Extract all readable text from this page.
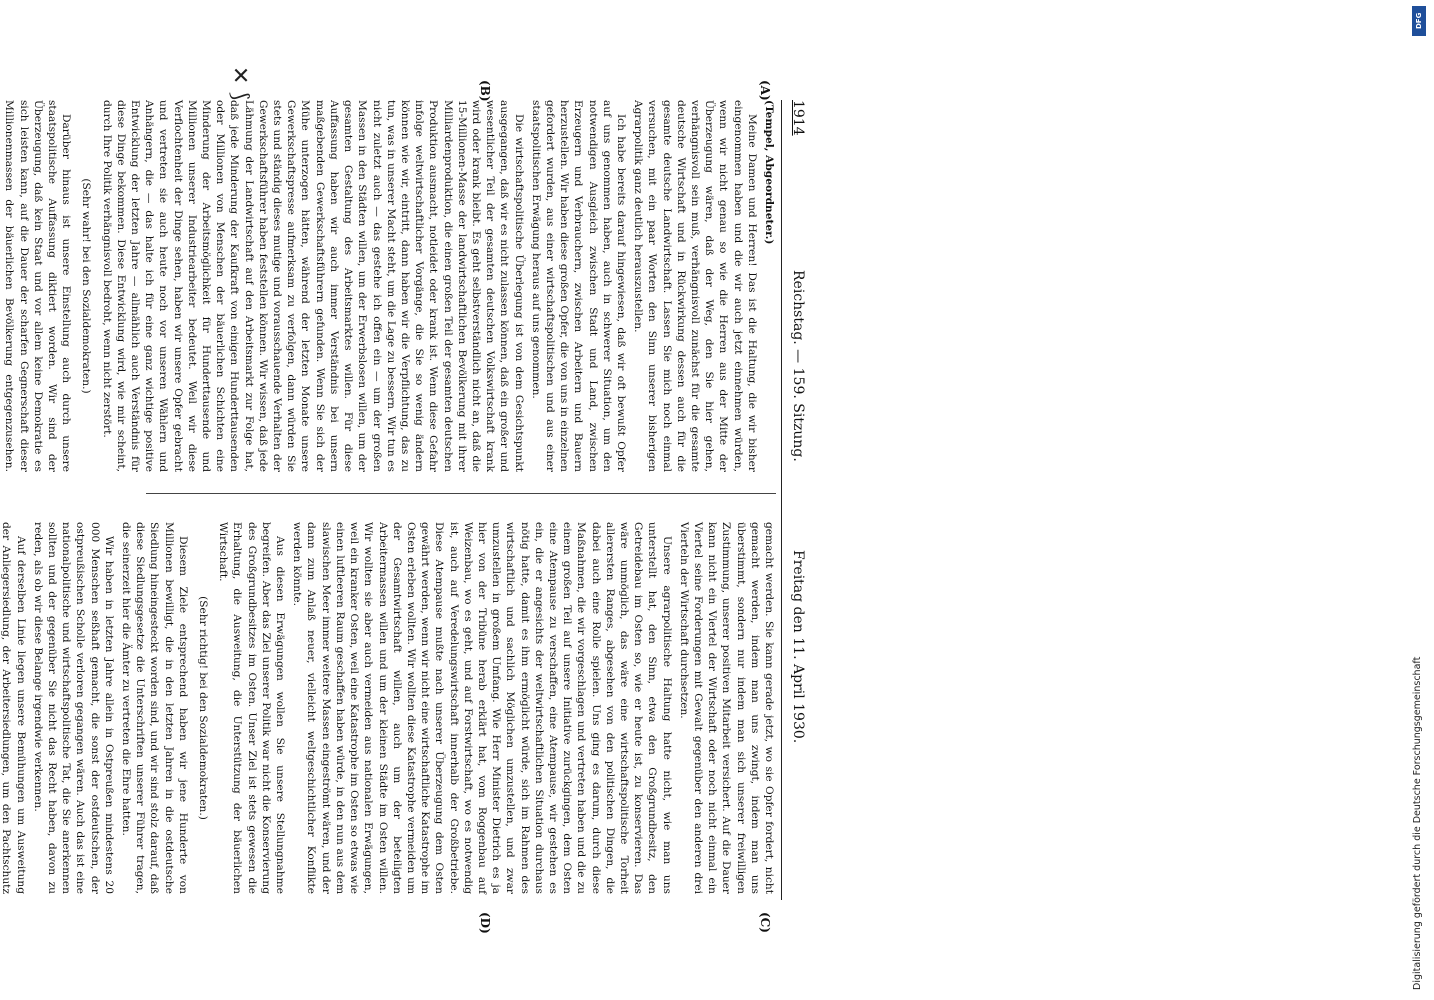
1914
Reichstag. — 159. Sitzung.
Freitag den 11. April 1930.
(A)
(B)
(C)
(D)
✕ ⟆

(Tempel, Abgeordneter.)

Meine Damen und Herren! Das ist die Haltung, die wir bisher eingenommen haben und die wir auch jetzt einnehmen würden, wenn wir nicht genau so wie die Herren aus der Mitte der Überzeugung wären, daß der Weg, den Sie hier gehen, verhängnisvoll sein muß, verhängnisvoll zunächst für die gesamte deutsche Wirtschaft und in Rückwirkung dessen auch für die gesamte deutsche Landwirtschaft. Lassen Sie mich noch einmal versuchen, mit ein paar Worten den Sinn unserer bisherigen Agrarpolitik ganz deutlich herauszustellen.

Ich habe bereits darauf hingewiesen, daß wir oft bewußt Opfer auf uns genommen haben, auch in schwerer Situation, um den notwendigen Ausgleich zwischen Stadt und Land, zwischen Erzeugern und Verbrauchern, zwischen Arbeitern und Bauern herzustellen. Wir haben diese großen Opfer, die von uns in einzelnen gefordert wurden, aus einer wirtschaftspolitischen und aus einer staatspolitischen Erwägung heraus auf uns genommen.

Die wirtschaftspolitische Überlegung ist von dem Gesichtspunkt ausgegangen, daß wir es nicht zulassen können, daß ein großer und wesentlicher Teil der gesamten deutschen Volkswirtschaft krank wird oder krank bleibt. Es geht selbstverständlich nicht an, daß die 15-Millionen-Masse der landwirtschaftlichen Bevölkerung mit ihrer Milliardenproduktion, die einen großen Teil der gesamten deutschen Produktion ausmacht, notleidet oder krank ist. Wenn diese Gefahr infolge weltwirtschaftlicher Vorgänge, die Sie so wenig ändern können wie wir, eintritt, dann haben wir die Verpflichtung, das zu tun, was in unserer Macht steht, um die Lage zu bessern. Wir tun es nicht zuletzt auch — das gestehe ich offen ein — um der großen Massen in den Städten willen, um der Erwerbslosen willen, um der gesamten Gestaltung des Arbeitsmarktes willen. Für diese Auffassung haben wir auch immer Verständnis bei unsern maßgebenden Gewerkschaftsführern gefunden. Wenn Sie sich der Mühe unterzogen hätten, während der letzten Monate unsere Gewerkschaftspresse aufmerksam zu verfolgen, dann würden Sie stets und ständig dieses mutige und vorausschauende Verhalten der Gewerkschaftsführer haben feststellen können. Wir wissen, daß jede Lähmung der Landwirtschaft auf den Arbeitsmarkt zur Folge hat, daß jede Minderung der Kaufkraft von einigen Hunderttausenden oder Millionen von Menschen der bäuerlichen Schichten eine Minderung der Arbeitsmöglichkeit für Hunderttausende und Millionen unserer Industriearbeiter bedeutet. Weil wir diese Verflochtenheit der Dinge sehen, haben wir unsere Opfer gebracht und vertreten sie auch heute noch vor unseren Wählern und Anhängern, die — das halte ich für eine ganz wichtige positive Entwicklung der letzten Jahre — allmählich auch Verständnis für diese Dinge bekommen. Diese Entwicklung wird, wie mir scheint, durch Ihre Politik verhängnisvoll bedroht, wenn nicht zerstört.

(Sehr wahr! bei den Sozialdemokraten.)

Darüber hinaus ist unsere Einstellung auch durch unsere staatspolitische Auffassung diktiert worden. Wir sind der Überzeugung, daß kein Staat und vor allem keine Demokratie es sich leisten kann, auf die Dauer der scharfen Gegnerschaft dieser Millionenmassen der bäuerlichen Bevölkerung entgegenzusehen.

gemacht werden. Sie kann gerade jetzt, wo sie Opfer fordert, nicht gemacht werden, indem man uns zwingt, indem man uns überstimmt, sondern nur indem man sich unserer freiwilligen Zustimmung, unserer positiven Mitarbeit versichert. Auf die Dauer kann nicht ein Viertel der Wirtschaft oder noch nicht einmal ein Viertel seine Forderungen mit Gewalt gegenüber den anderen drei Vierteln der Wirtschaft durchsetzen.

Unsere agrarpolitische Haltung hatte nicht, wie man uns unterstellt hat, den Sinn, etwa den Großgrundbesitz, den Getreidebau im Osten so, wie er heute ist, zu konservieren. Das wäre unmöglich, das wäre eine wirtschaftspolitische Torheit allerersten Ranges, abgesehen von den politischen Dingen, die dabei auch eine Rolle spielen. Uns ging es darum, durch diese Maßnahmen, die wir vorgeschlagen und vertreten haben und die zu einem großen Teil auf unsere Initiative zurückgingen, dem Osten eine Atempause zu verschaffen, eine Atempause, wir gestehen es ein, die er angesichts der weltwirtschaftlichen Situation durchaus nötig hatte, damit es ihm ermöglicht würde, sich im Rahmen des wirtschaftlich und sachlich Möglichen umzustellen, und zwar umzustellen in großem Umfang. Wie Herr Minister Dietrich es ja hier von der Tribüne herab erklärt hat, vom Roggenbau auf Weizenbau, wo es geht, und auf Forstwirtschaft, wo es notwendig ist, auch auf Veredelungswirtschaft innerhalb der Großbetriebe. Diese Atempause mußte nach unserer Überzeugung dem Osten gewährt werden, wenn wir nicht eine wirtschaftliche Katastrophe im Osten erleben wollten. Wir wollten diese Katastrophe vermeiden um der Gesamtwirtschaft willen, auch um der beteiligten Arbeitermassen willen und um der kleinen Städte im Osten willen. Wir wollten sie aber auch vermeiden aus nationalen Erwägungen, weil ein kranker Osten, weil eine Katastrophe im Osten so etwas wie einen luftleeren Raum geschaffen haben würde, in den nun aus dem slawischen Meer immer weitere Massen eingeströmt wären, und der dann zum Anlaß neuer, vielleicht weltgeschichtlicher Konflikte werden könnte.

Aus diesen Erwägungen wollen Sie unsere Stellungnahme begreifen. Aber das Ziel unserer Politik war nicht die Konservierung des Großgrundbesitzes im Osten. Unser Ziel ist stets gewesen die Erhaltung, die Ausweitung, die Unterstützung der bäuerlichen Wirtschaft.

(Sehr richtig! bei den Sozialdemokraten.)

Diesem Ziele entsprechend haben wir jene Hunderte von Millionen bewilligt, die in den letzten Jahren in die ostdeutsche Siedlung hineingesteckt worden sind, und wir sind stolz darauf, daß diese Siedlungsgesetze die Unterschriften unserer Führer tragen, die seinerzeit hier die Ämter zu vertreten die Ehre hatten.

Wir haben in letzten Jahre allein in Ostpreußen mindestens 20 000 Menschen seßhaft gemacht, die sonst der ostdeutschen, der ostpreußischen Scholle verloren gegangen wären. Auch das ist eine nationalpolitische und wirtschaftspolitische Tat, die Sie anerkennen sollten und der gegenüber Sie nicht das Recht haben, davon zu reden, als ob wir diese Belange irgendwie verkennen.

Auf derselben Linie liegen unsere Bemühungen um Ausweitung der Anliegersiedlung, der Arbeitersiedlungen, um den Pachtschutz

DFG
Digitalisierung gefördert durch die Deutsche Forschungsgemeinschaft
